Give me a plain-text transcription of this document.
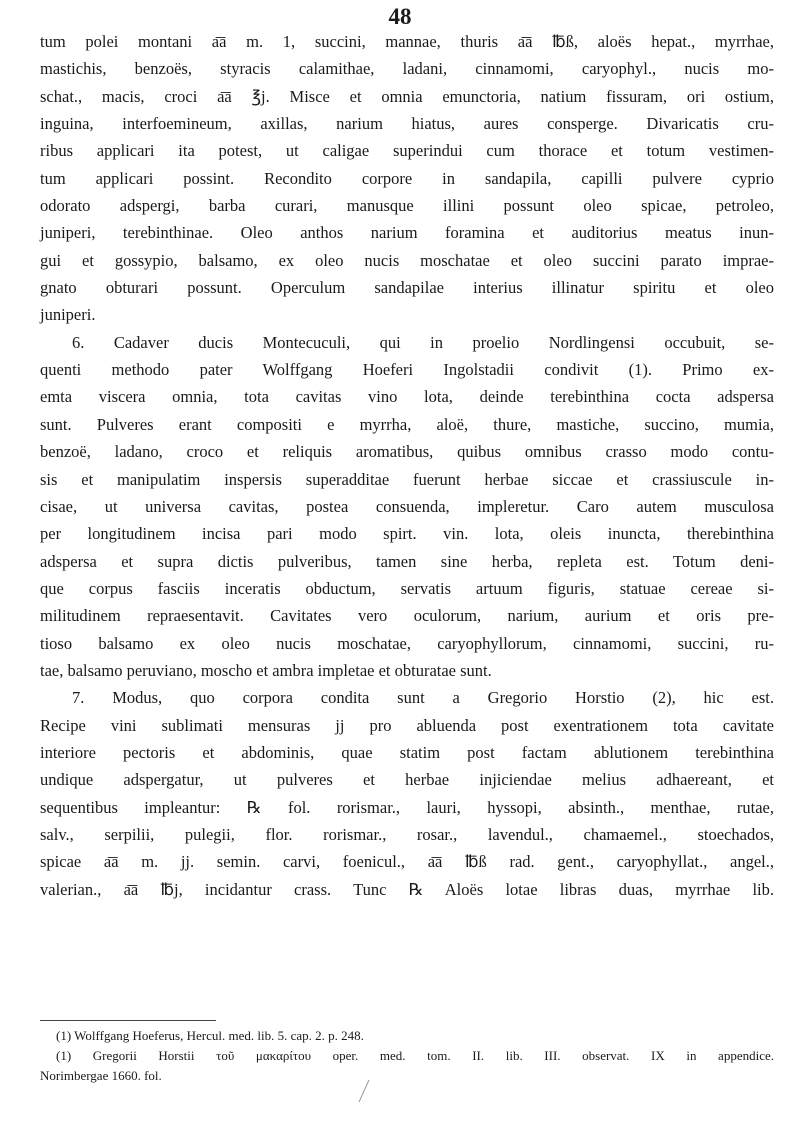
48
tum polei montani a͞a m. 1, succini, mannae, thuris a͞a ℔ß, aloës hepat., myrrhae,
mastichis, benzoës, styracis calamithae, ladani, cinnamomi, caryophyl., nucis mo-
schat., macis, croci a͞a ℥j. Misce et omnia emunctoria, natium fissuram, ori ostium,
inguina, interfoemineum, axillas, narium hiatus, aures consperge. Divaricatis cru-
ribus applicari ita potest, ut caligae superindui cum thorace et totum vestimen-
tum applicari possint. Recondito corpore in sandapila, capilli pulvere cyprio
odorato adspergi, barba curari, manusque illini possunt oleo spicae, petroleo,
juniperi, terebinthinae. Oleo anthos narium foramina et auditorius meatus inun-
gui et gossypio, balsamo, ex oleo nucis moschatae et oleo succini parato imprae-
gnato obturari possunt. Operculum sandapilae interius illinatur spiritu et oleo
juniperi.
6. Cadaver ducis Montecuculi, qui in proelio Nordlingensi occubuit, se-
quenti methodo pater Wolffgang Hoeferi Ingolstadii condivit (1). Primo ex-
emta viscera omnia, tota cavitas vino lota, deinde terebinthina cocta adspersa
sunt. Pulveres erant compositi e myrrha, aloë, thure, mastiche, succino, mumia,
benzoë, ladano, croco et reliquis aromatibus, quibus omnibus crasso modo contu-
sis et manipulatim inspersis superadditae fuerunt herbae siccae et crassiuscule in-
cisae, ut universa cavitas, postea consuenda, impleretur. Caro autem musculosa
per longitudinem incisa pari modo spirt. vin. lota, oleis inuncta, therebinthina
adspersa et supra dictis pulveribus, tamen sine herba, repleta est. Totum deni-
que corpus fasciis inceratis obductum, servatis artuum figuris, statuae cereae si-
militudinem repraesentavit. Cavitates vero oculorum, narium, aurium et oris pre-
tioso balsamo ex oleo nucis moschatae, caryophyllorum, cinnamomi, succini, ru-
tae, balsamo peruviano, moscho et ambra impletae et obturatae sunt.
7. Modus, quo corpora condita sunt a Gregorio Horstio (2), hic est.
Recipe vini sublimati mensuras jj pro abluenda post exentrationem tota cavitate
interiore pectoris et abdominis, quae statim post factam ablutionem terebinthina
undique adspergatur, ut pulveres et herbae injiciendae melius adhaereant, et
sequentibus impleantur: ℞ fol. rorismar., lauri, hyssopi, absinth., menthae, rutae,
salv., serpilii, pulegii, flor. rorismar., rosar., lavendul., chamaemel., stoechados,
spicae a͞a m. jj. semin. carvi, foenicul., a͞a ℔ß rad. gent., caryophyllat., angel.,
valerian., a͞a ℔j, incidantur crass. Tunc ℞ Aloës lotae libras duas, myrrhae lib.
(1) Wolffgang Hoeferus, Hercul. med. lib. 5. cap. 2. p. 248.
(1) Gregorii Horstii τοῦ μακαρίτου oper. med. tom. II. lib. III. observat. IX in appendice.
Norimbergae 1660. fol.
